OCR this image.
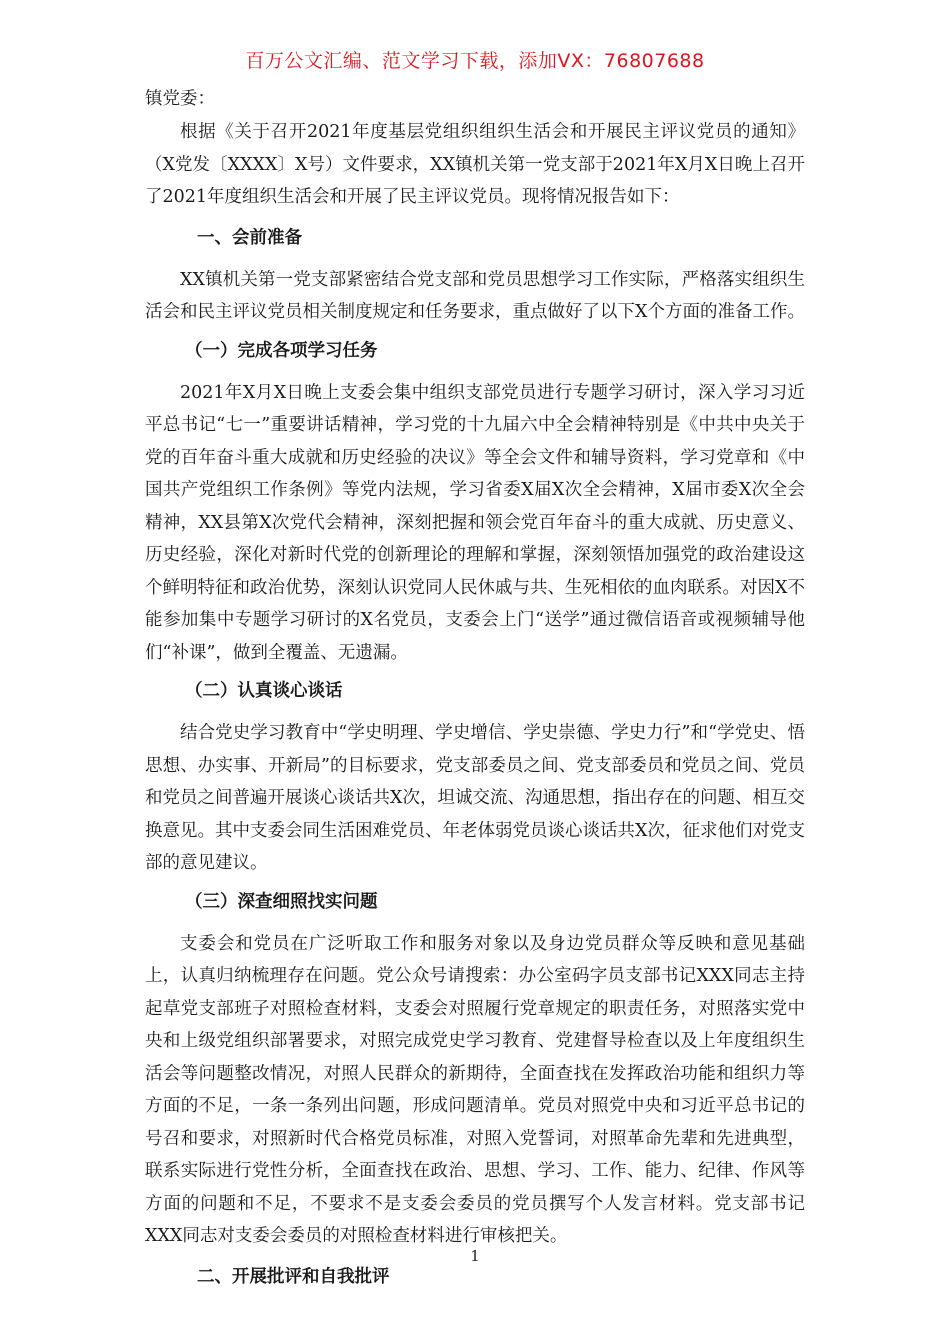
百万公文汇编、范文学习下载，添加VX：76807688

镇党委：

根据《关于召开2021年度基层党组织组织生活会和开展民主评议党员的通知》（X党发〔XXXX〕X号）文件要求，XX镇机关第一党支部于2021年X月X日晚上召开了2021年度组织生活会和开展了民主评议党员。现将情况报告如下：

一、会前准备

XX镇机关第一党支部紧密结合党支部和党员思想学习工作实际，严格落实组织生活会和民主评议党员相关制度规定和任务要求，重点做好了以下X个方面的准备工作。

（一）完成各项学习任务

2021年X月X日晚上支委会集中组织支部党员进行专题学习研讨，深入学习习近平总书记“七一”重要讲话精神，学习党的十九届六中全会精神特别是《中共中央关于党的百年奋斗重大成就和历史经验的决议》等全会文件和辅导资料，学习党章和《中国共产党组织工作条例》等党内法规，学习省委X届X次全会精神，X届市委X次全会精神，XX县第X次党代会精神，深刻把握和领会党百年奋斗的重大成就、历史意义、历史经验，深化对新时代党的创新理论的理解和掌握，深刻领悟加强党的政治建设这个鲜明特征和政治优势，深刻认识党同人民休戚与共、生死相依的血肉联系。对因X不能参加集中专题学习研讨的X名党员，支委会上门“送学”通过微信语音或视频辅导他们“补课”，做到全覆盖、无遗漏。

（二）认真谈心谈话

结合党史学习教育中“学史明理、学史增信、学史崇德、学史力行”和“学党史、悟思想、办实事、开新局”的目标要求，党支部委员之间、党支部委员和党员之间、党员和党员之间普遍开展谈心谈话共X次，坦诚交流、沟通思想，指出存在的问题、相互交换意见。其中支委会同生活困难党员、年老体弱党员谈心谈话共X次，征求他们对党支部的意见建议。

（三）深查细照找实问题

支委会和党员在广泛听取工作和服务对象以及身边党员群众等反映和意见基础上，认真归纳梳理存在问题。党公众号请搜索：办公室码字员支部书记XXX同志主持起草党支部班子对照检查材料，支委会对照履行党章规定的职责任务，对照落实党中央和上级党组织部署要求，对照完成党史学习教育、党建督导检查以及上年度组织生活会等问题整改情况，对照人民群众的新期待，全面查找在发挥政治功能和组织力等方面的不足，一条一条列出问题，形成问题清单。党员对照党中央和习近平总书记的号召和要求，对照新时代合格党员标准，对照入党誓词，对照革命先辈和先进典型，联系实际进行党性分析，全面查找在政治、思想、学习、工作、能力、纪律、作风等方面的问题和不足，不要求不是支委会委员的党员撰写个人发言材料。党支部书记XXX同志对支委会委员的对照检查材料进行审核把关。

二、开展批评和自我批评
1
